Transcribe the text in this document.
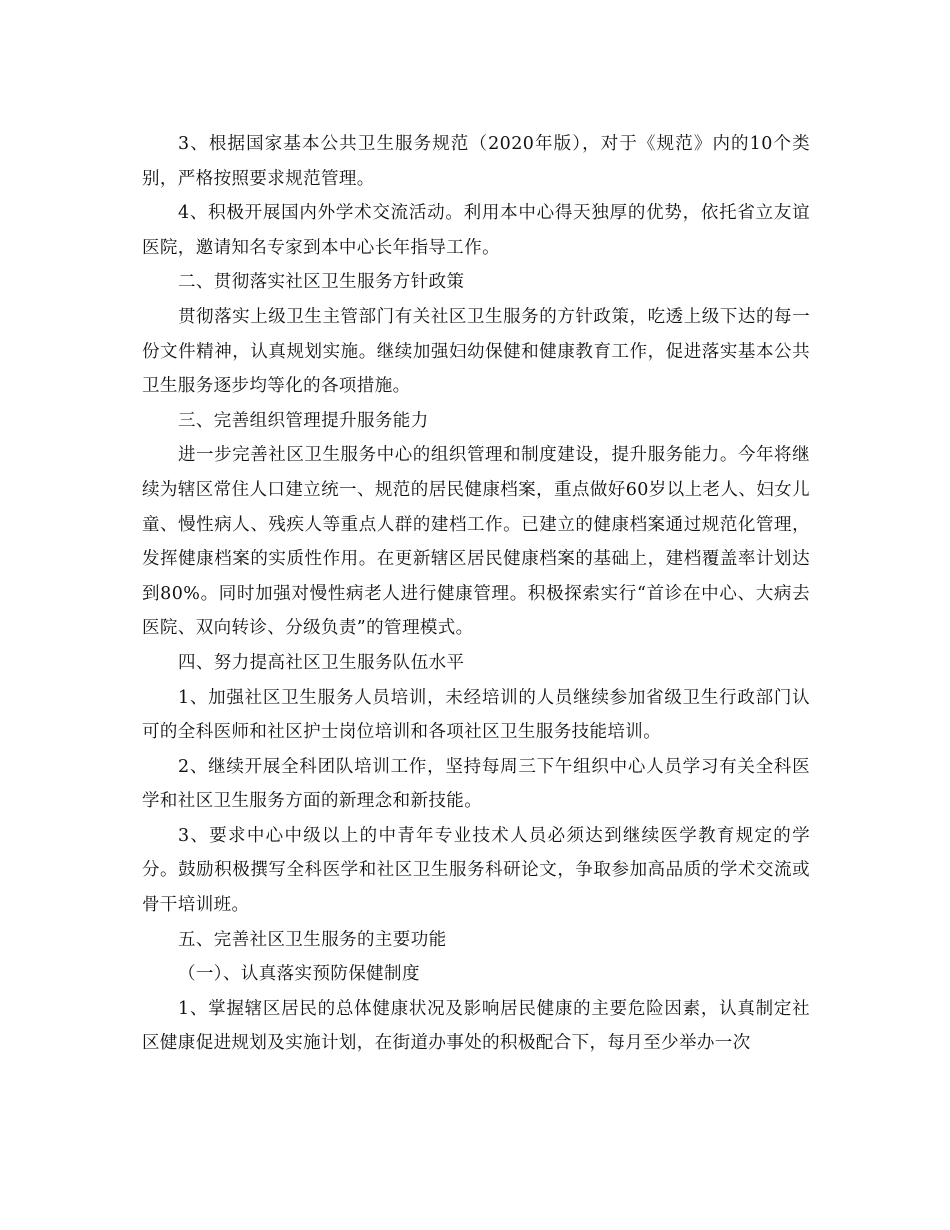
3、根据国家基本公共卫生服务规范（2020年版），对于《规范》内的10个类别，严格按照要求规范管理。

4、积极开展国内外学术交流活动。利用本中心得天独厚的优势，依托省立友谊医院，邀请知名专家到本中心长年指导工作。

二、贯彻落实社区卫生服务方针政策

贯彻落实上级卫生主管部门有关社区卫生服务的方针政策，吃透上级下达的每一份文件精神，认真规划实施。继续加强妇幼保健和健康教育工作，促进落实基本公共卫生服务逐步均等化的各项措施。

三、完善组织管理提升服务能力

进一步完善社区卫生服务中心的组织管理和制度建设，提升服务能力。今年将继续为辖区常住人口建立统一、规范的居民健康档案，重点做好60岁以上老人、妇女儿童、慢性病人、残疾人等重点人群的建档工作。已建立的健康档案通过规范化管理，发挥健康档案的实质性作用。在更新辖区居民健康档案的基础上，建档覆盖率计划达到80%。同时加强对慢性病老人进行健康管理。积极探索实行“首诊在中心、大病去医院、双向转诊、分级负责”的管理模式。

四、努力提高社区卫生服务队伍水平

1、加强社区卫生服务人员培训，未经培训的人员继续参加省级卫生行政部门认可的全科医师和社区护士岗位培训和各项社区卫生服务技能培训。

2、继续开展全科团队培训工作，坚持每周三下午组织中心人员学习有关全科医学和社区卫生服务方面的新理念和新技能。

3、要求中心中级以上的中青年专业技术人员必须达到继续医学教育规定的学分。鼓励积极撰写全科医学和社区卫生服务科研论文，争取参加高品质的学术交流或骨干培训班。

五、完善社区卫生服务的主要功能

（一）、认真落实预防保健制度

1、掌握辖区居民的总体健康状况及影响居民健康的主要危险因素，认真制定社区健康促进规划及实施计划，在街道办事处的积极配合下，每月至少举办一次
